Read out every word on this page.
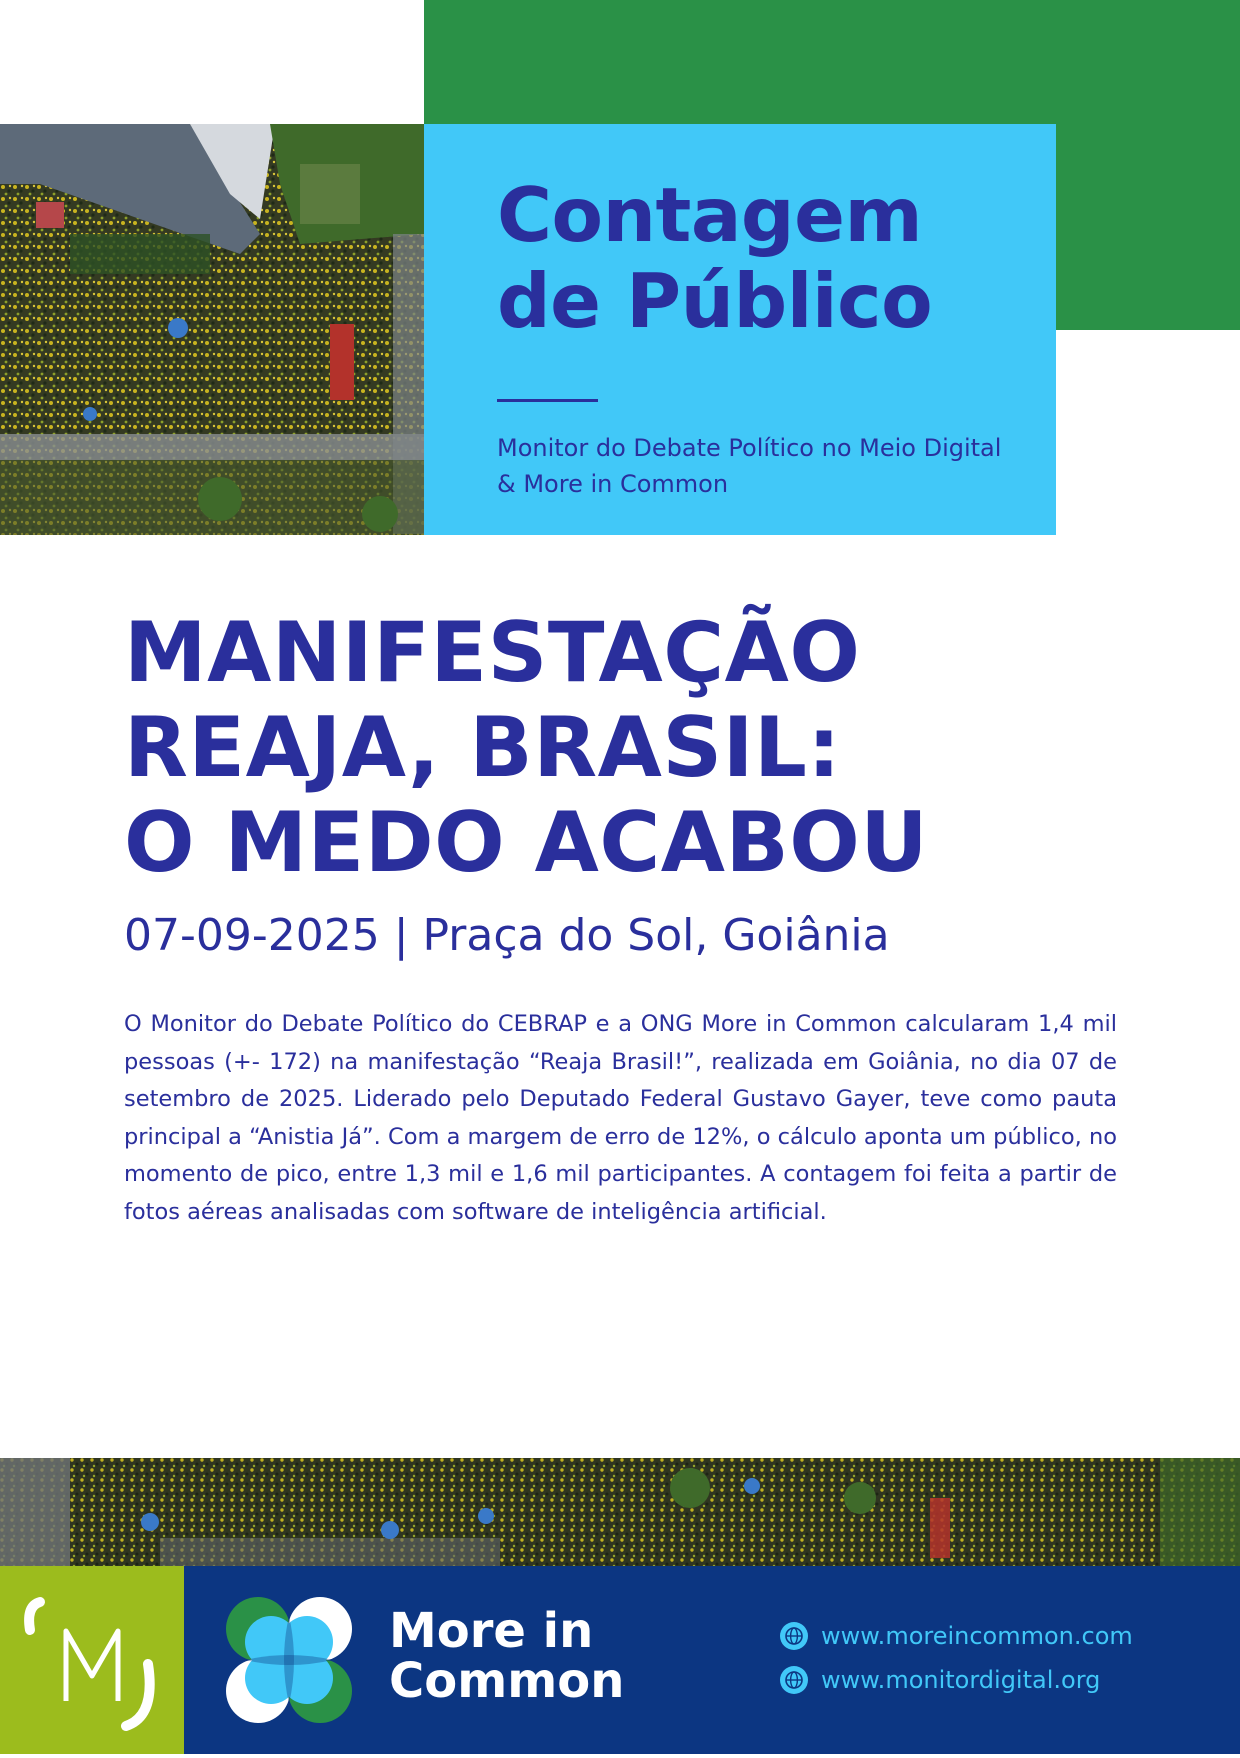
Contagem
de Público

Monitor do Debate Político no Meio Digital
& More in Common

MANIFESTAÇÃO
REAJA, BRASIL:
O MEDO ACABOU

07-09-2025 | Praça do Sol, Goiânia

O Monitor do Debate Político do CEBRAP e a ONG More in Common calcularam 1,4 mil pessoas (+- 172) na manifestação “Reaja Brasil!”, realizada em Goiânia, no dia 07 de setembro de 2025. Liderado pelo Deputado Federal Gustavo Gayer, teve como pauta principal a “Anistia Já”. Com a margem de erro de 12%, o cálculo aponta um público, no momento de pico, entre 1,3 mil e 1,6 mil participantes. A contagem foi feita a partir de fotos aéreas analisadas com software de inteligência artificial.

More in
Common

www.moreincommon.com
www.monitordigital.org
